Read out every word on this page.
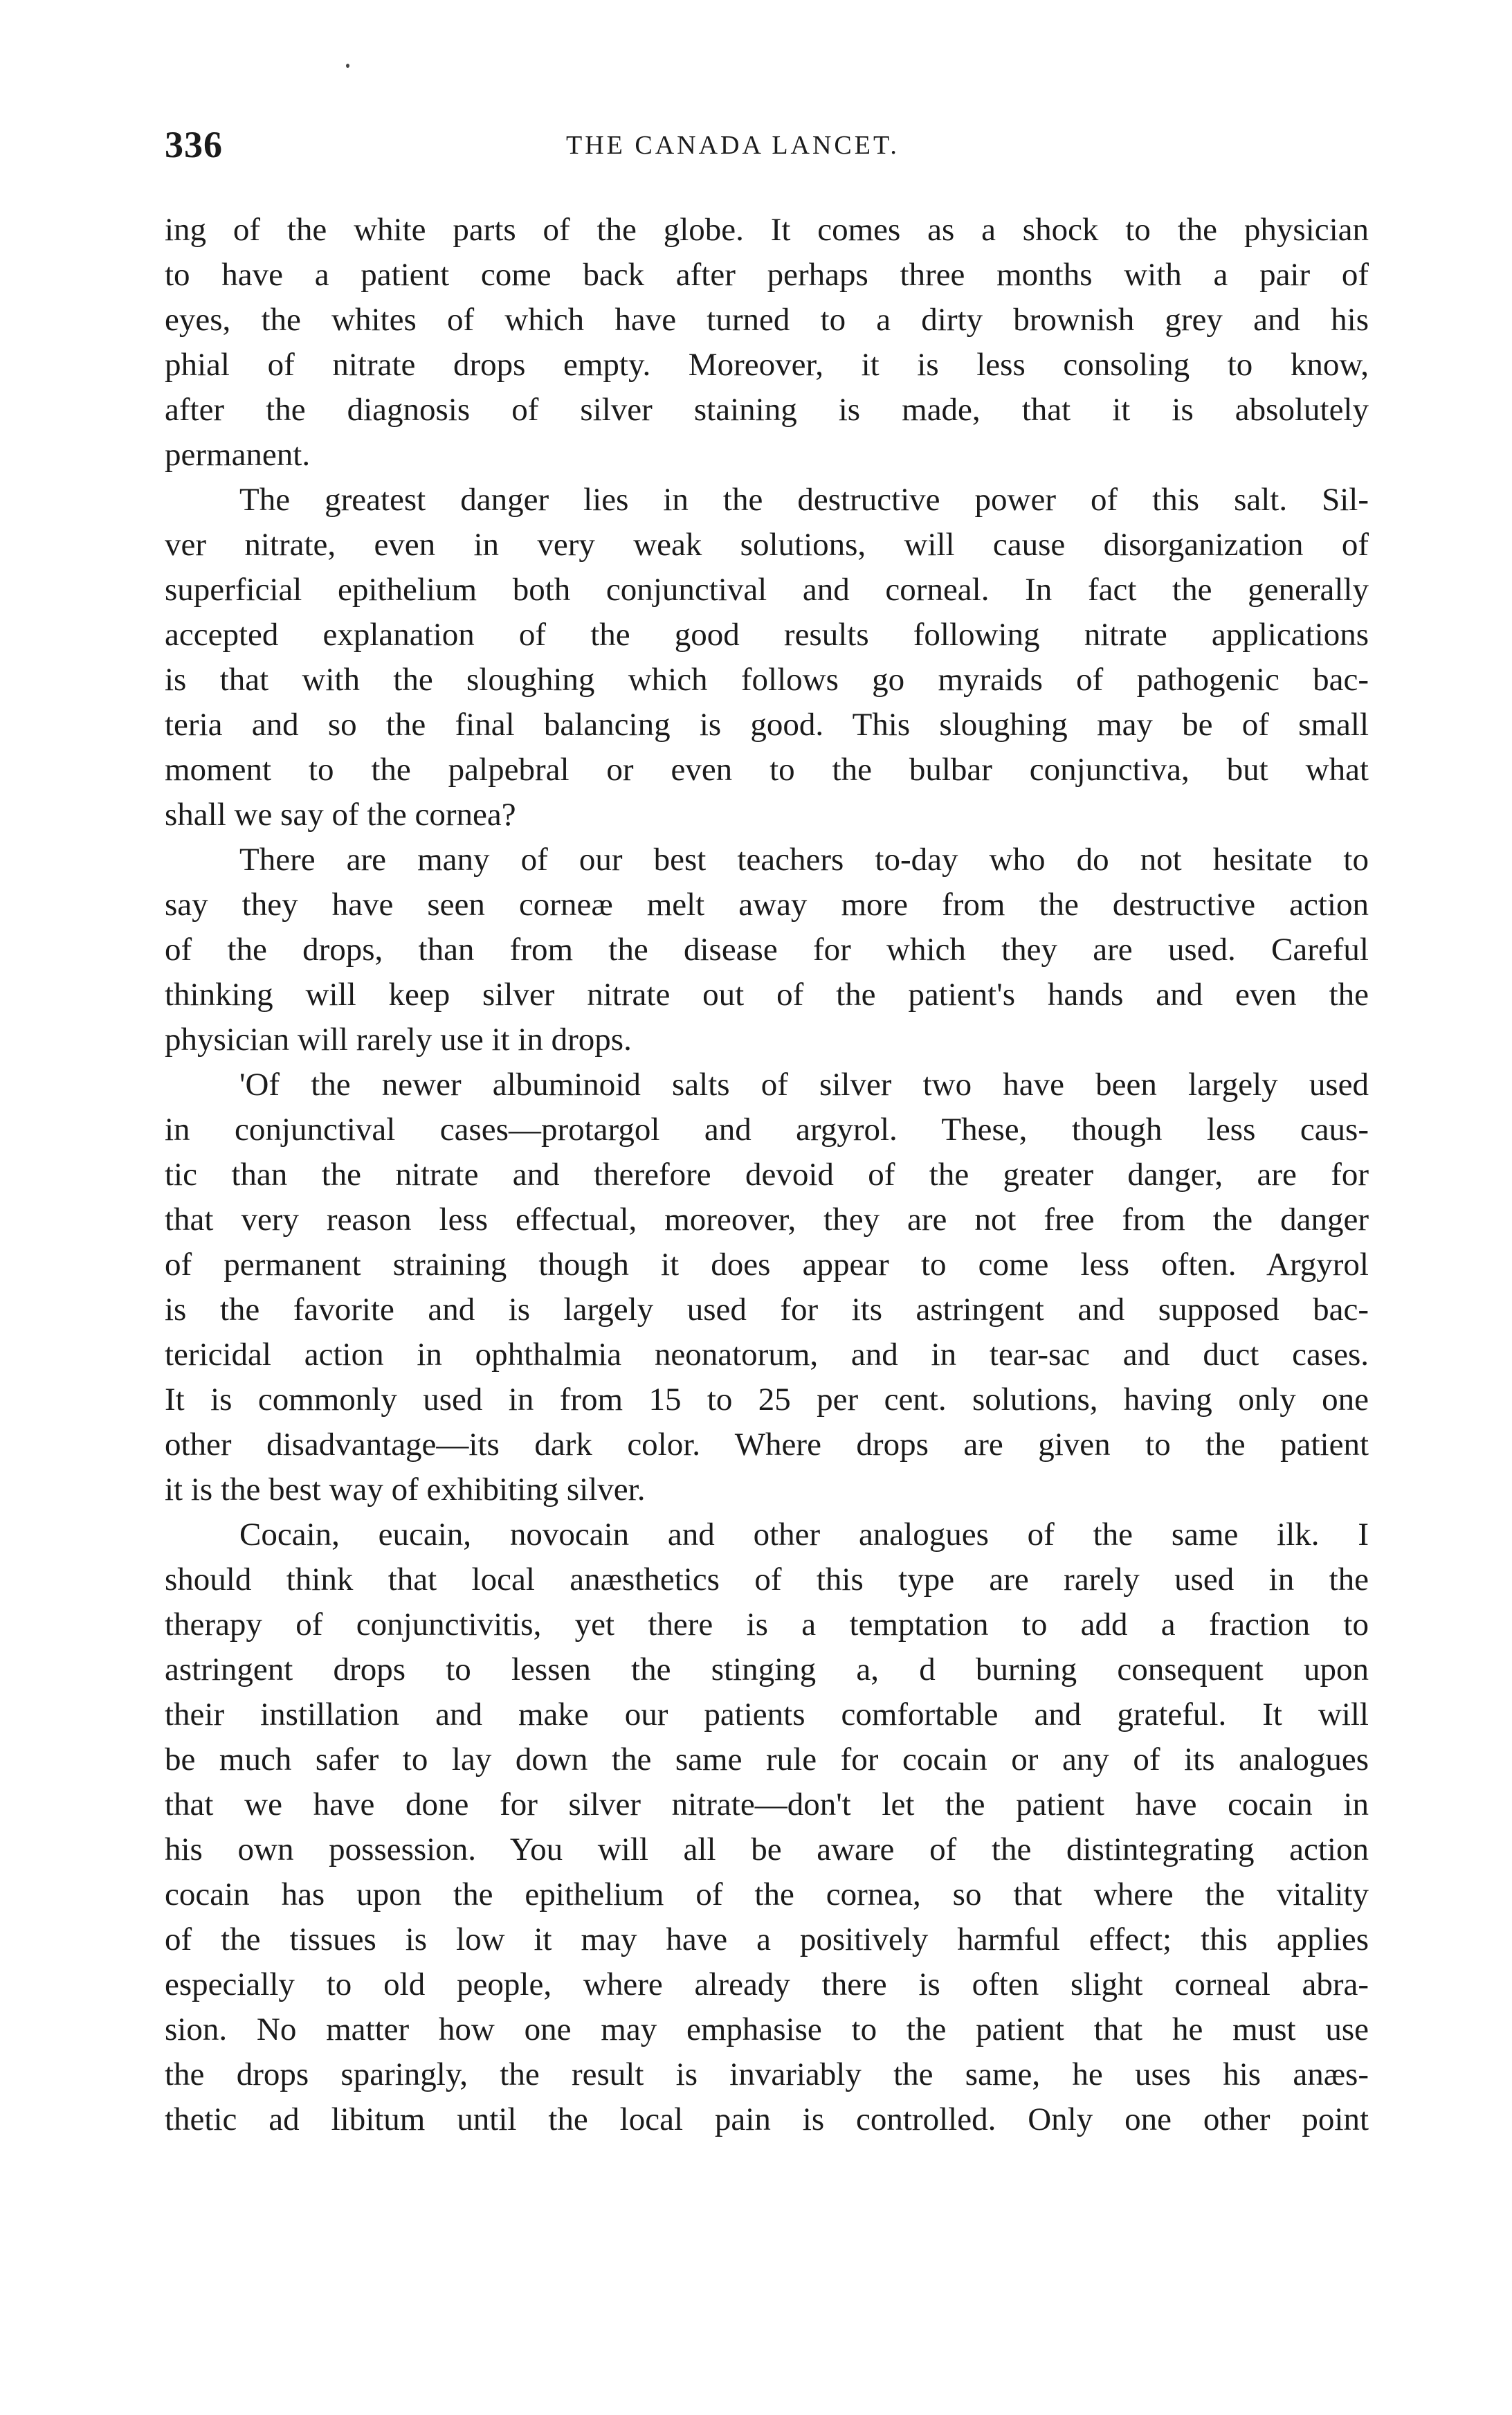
336	THE CANADA LANCET.
ing of the white parts of the globe. It comes as a shock to the physician
to have a patient come back after perhaps three months with a pair of
eyes, the whites of which have turned to a dirty brownish grey and his
phial of nitrate drops empty. Moreover, it is less consoling to know,
after the diagnosis of silver staining is made, that it is absolutely
permanent.
The greatest danger lies in the destructive power of this salt. Sil-
ver nitrate, even in very weak solutions, will cause disorganization of
superficial epithelium both conjunctival and corneal. In fact the generally
accepted explanation of the good results following nitrate applications
is that with the sloughing which follows go myraids of pathogenic bac-
teria and so the final balancing is good. This sloughing may be of small
moment to the palpebral or even to the bulbar conjunctiva, but what
shall we say of the cornea?
There are many of our best teachers to-day who do not hesitate to
say they have seen corneæ melt away more from the destructive action
of the drops, than from the disease for which they are used. Careful
thinking will keep silver nitrate out of the patient's hands and even the
physician will rarely use it in drops.
'Of the newer albuminoid salts of silver two have been largely used
in conjunctival cases—protargol and argyrol. These, though less caus-
tic than the nitrate and therefore devoid of the greater danger, are for
that very reason less effectual, moreover, they are not free from the danger
of permanent straining though it does appear to come less often. Argyrol
is the favorite and is largely used for its astringent and supposed bac-
tericidal action in ophthalmia neonatorum, and in tear-sac and duct cases.
It is commonly used in from 15 to 25 per cent. solutions, having only one
other disadvantage—its dark color. Where drops are given to the patient
it is the best way of exhibiting silver.
Cocain, eucain, novocain and other analogues of the same ilk. I
should think that local anæsthetics of this type are rarely used in the
therapy of conjunctivitis, yet there is a temptation to add a fraction to
astringent drops to lessen the stinging a, d burning consequent upon
their instillation and make our patients comfortable and grateful. It will
be much safer to lay down the same rule for cocain or any of its analogues
that we have done for silver nitrate—don't let the patient have cocain in
his own possession. You will all be aware of the distintegrating action
cocain has upon the epithelium of the cornea, so that where the vitality
of the tissues is low it may have a positively harmful effect; this applies
especially to old people, where already there is often slight corneal abra-
sion. No matter how one may emphasise to the patient that he must use
the drops sparingly, the result is invariably the same, he uses his anæs-
thetic ad libitum until the local pain is controlled. Only one other point
